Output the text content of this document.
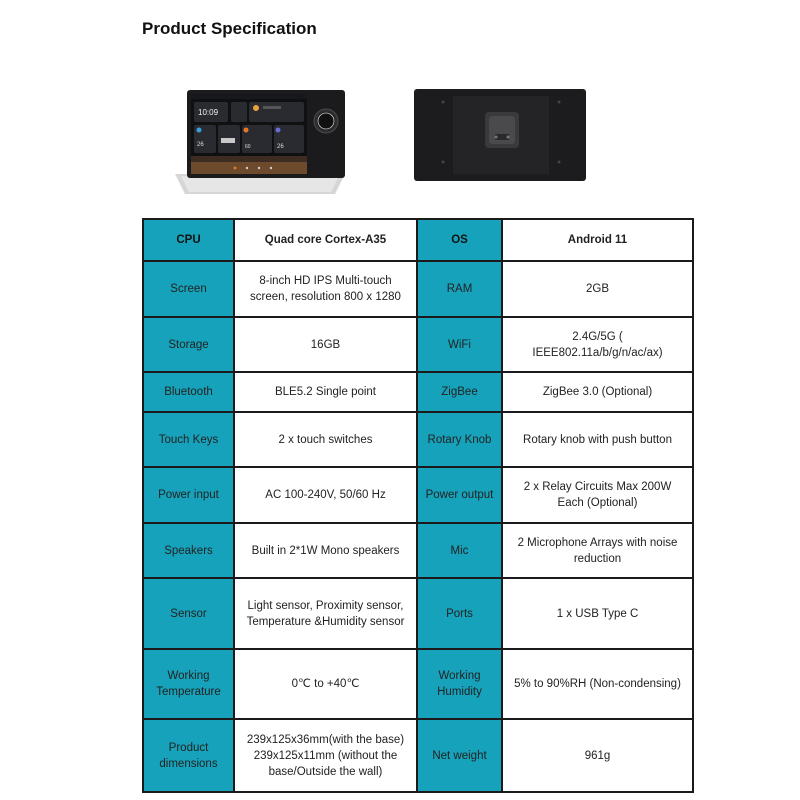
Product Specification
10:09
26	60	26
CPU	Quad core Cortex-A35	OS	Android 11
Screen	8-inch HD IPS Multi-touch screen, resolution 800 x 1280	RAM	2GB
Storage	16GB	WiFi	2.4G/5G ( IEEE802.11a/b/g/n/ac/ax)
Bluetooth	BLE5.2 Single point	ZigBee	ZigBee 3.0 (Optional)
Touch Keys	2 x touch switches	Rotary Knob	Rotary knob with push button
Power input	AC 100-240V, 50/60 Hz	Power output	2 x Relay Circuits Max 200W Each (Optional)
Speakers	Built in 2*1W Mono speakers	Mic	2 Microphone Arrays with noise reduction
Sensor	Light sensor, Proximity sensor, Temperature &Humidity sensor	Ports	1 x USB Type C
Working Temperature	0℃ to +40℃	Working Humidity	5% to 90%RH (Non-condensing)
Product dimensions	239x125x36mm(with the base) 239x125x11mm (without the base/Outside the wall)	Net weight	961g
